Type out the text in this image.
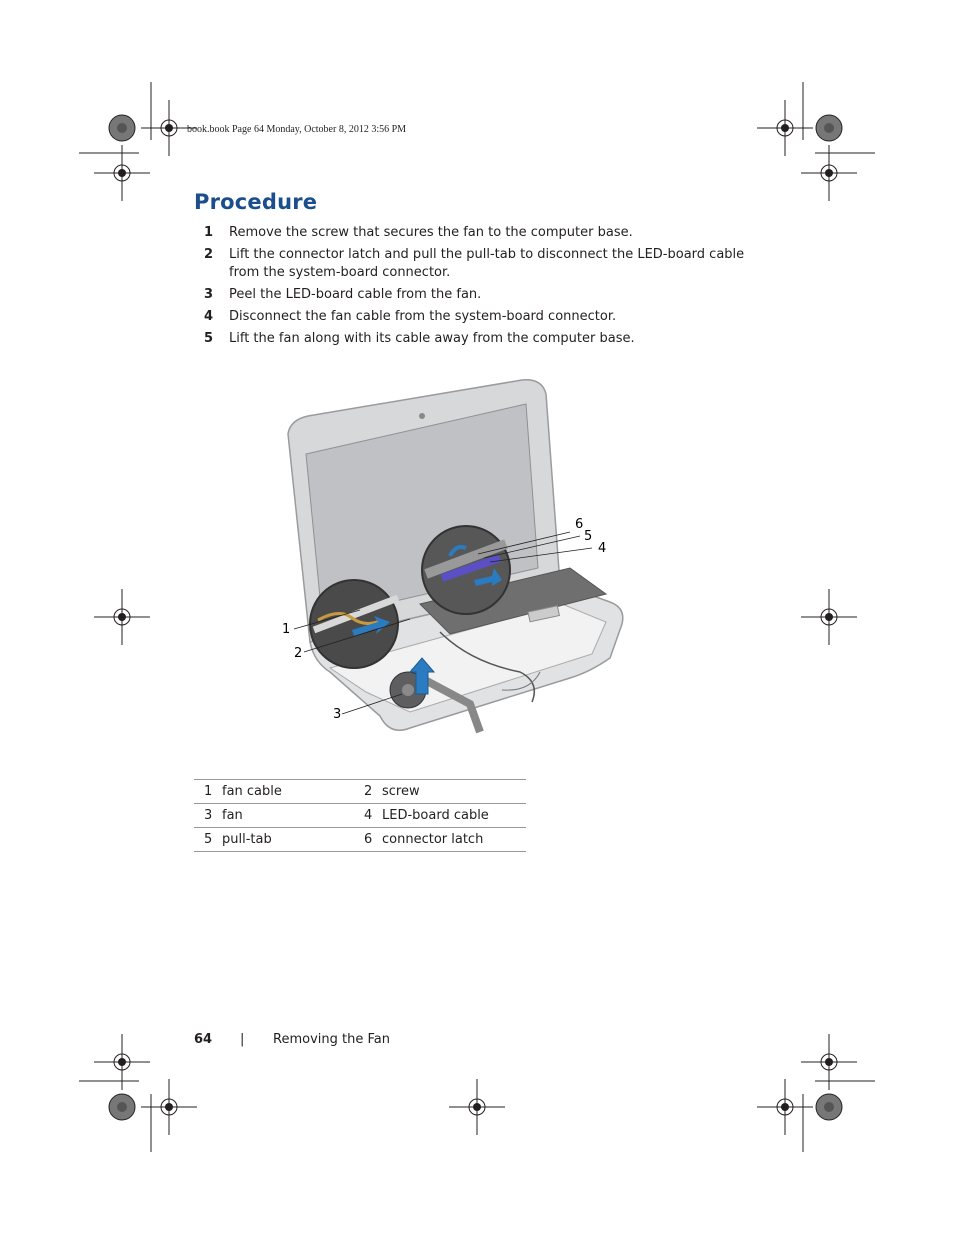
book.book Page 64 Monday, October 8, 2012 3:56 PM
Procedure
1 Remove the screw that secures the fan to the computer base.
2 Lift the connector latch and pull the pull-tab to disconnect the LED-board cable from the system-board connector.
3 Peel the LED-board cable from the fan.
4 Disconnect the fan cable from the system-board connector.
5 Lift the fan along with its cable away from the computer base.
1
2
3
4
5
6
1	fan cable	2	screw
3	fan	4	LED-board cable
5	pull-tab	6	connector latch
64 | Removing the Fan
